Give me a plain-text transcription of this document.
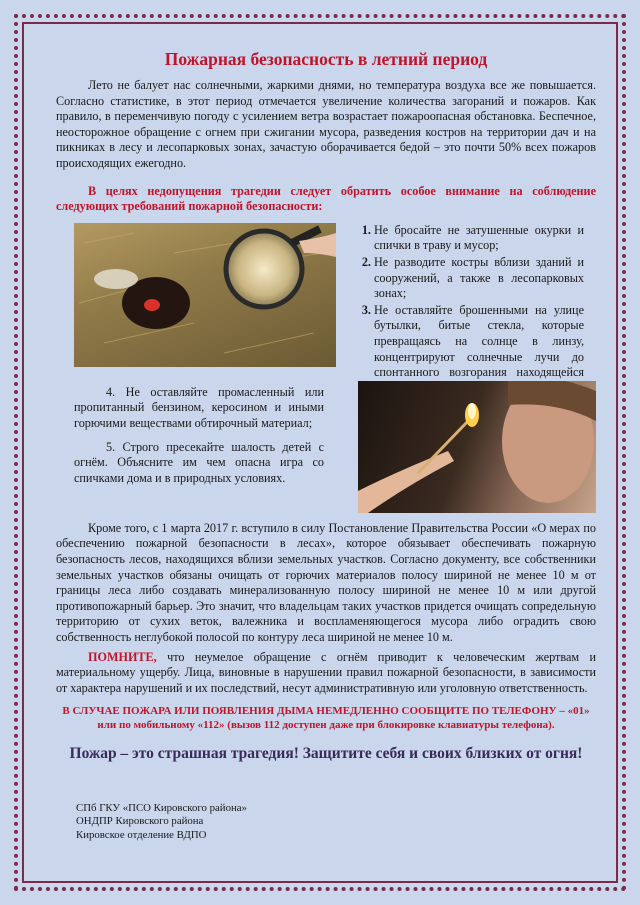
Пожарная безопасность в летний период

Лето не балует нас солнечными, жаркими днями, но температура воздуха все же повышается. Согласно статистике, в этот период отмечается увеличение количества загораний и пожаров. Как правило, в переменчивую погоду с усилением ветра возрастает пожароопасная обстановка. Беспечное, неосторожное обращение с огнем при сжигании мусора, разведения костров на территории дач и на пикниках в лесу и лесопарковых зонах, зачастую оборачивается бедой – это почти 50% всех пожаров происходящих ежегодно.

В целях недопущения трагедии следует обратить особое внимание на соблюдение следующих требований пожарной безопасности:

1. Не бросайте не затушенные окурки и спички в траву и мусор;
2. Не разводите костры вблизи зданий и сооружений, а также в лесопарковых зонах;
3. Не оставляйте брошенными на улице бутылки, битые стекла, которые превращаясь на солнце в линзу, концентрируют солнечные лучи до спонтанного возгорания находящейся

4. Не оставляйте промасленный или пропитанный бензином, керосином и иными горючими веществами обтирочный материал;

5. Строго пресекайте шалость детей с огнём. Объясните им чем опасна игра со спичками дома и в природных условиях.

Кроме того, с 1 марта 2017 г. вступило в силу Постановление Правительства России «О мерах по обеспечению пожарной безопасности в лесах», которое обязывает обеспечивать пожарную безопасность лесов, находящихся вблизи земельных участков. Согласно документу, все собственники земельных участков обязаны очищать от горючих материалов полосу шириной не менее 10 м от границы леса либо создавать минерализованную полосу шириной не менее 10 м или другой противопожарный барьер. Это значит, что владельцам таких участков придется очищать сопредельную территорию от сухих веток, валежника и воспламеняющегося мусора либо оградить свою собственность неглубокой полосой по контуру леса шириной не менее 10 м.

ПОМНИТЕ, что неумелое обращение с огнём приводит к человеческим жертвам и материальному ущербу. Лица, виновные в нарушении правил пожарной безопасности, в зависимости от характера нарушений и их последствий, несут административную или уголовную ответственность.

В СЛУЧАЕ ПОЖАРА ИЛИ ПОЯВЛЕНИЯ ДЫМА НЕМЕДЛЕННО СООБЩИТЕ ПО ТЕЛЕФОНУ – «01» или по мобильному «112» (вызов 112 доступен даже при блокировке клавиатуры телефона).

Пожар – это страшная трагедия! Защитите себя и своих близких от огня!

СПб ГКУ «ПСО Кировского района»
ОНДПР Кировского района
Кировское отделение ВДПО
